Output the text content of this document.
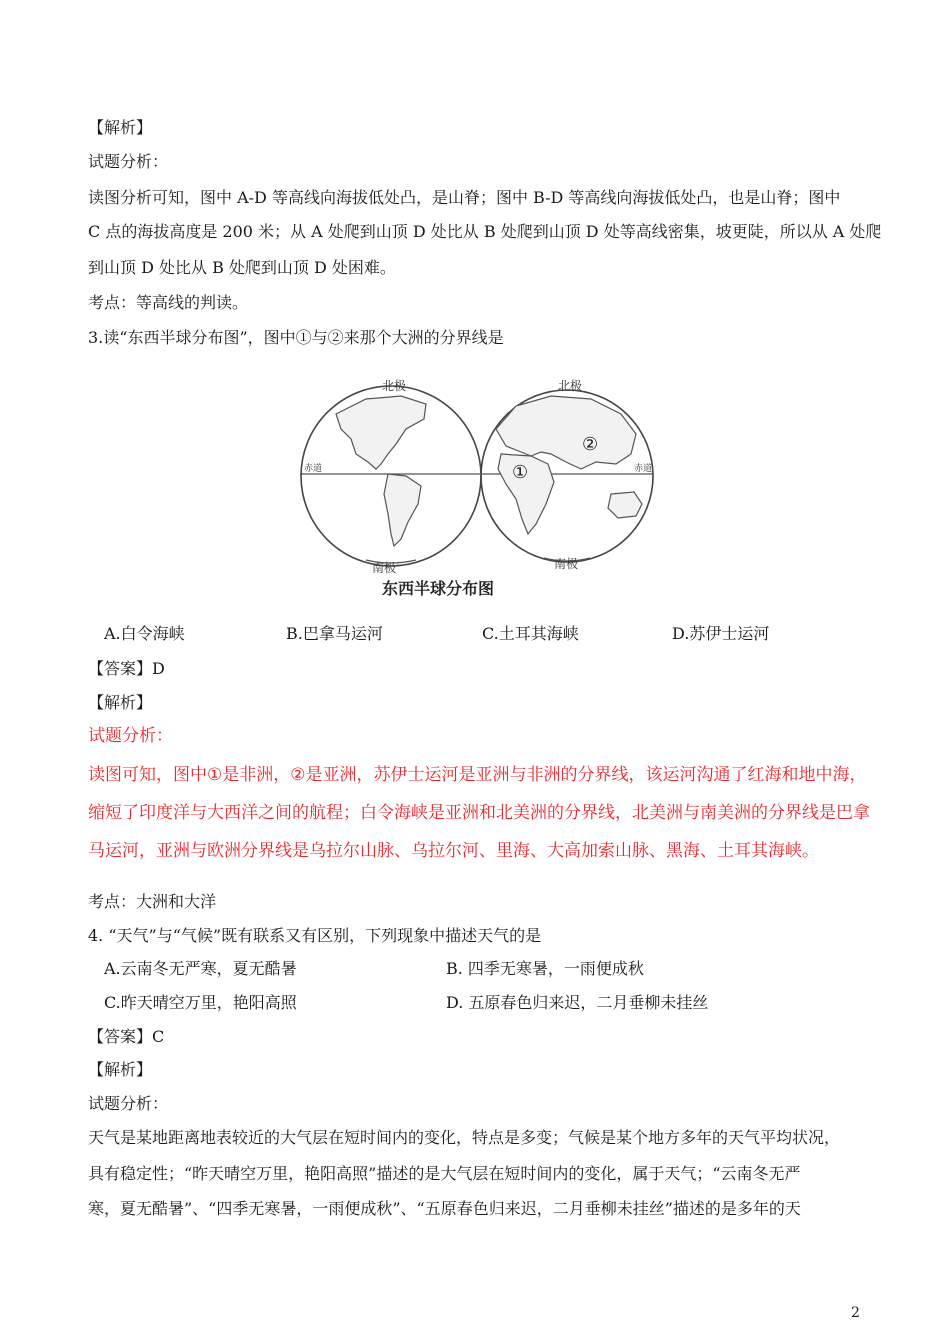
【解析】
试题分析：
读图分析可知，图中 A-D 等高线向海拔低处凸，是山脊；图中 B-D 等高线向海拔低处凸，也是山脊；图中
C 点的海拔高度是 200 米；从 A 处爬到山顶 D 处比从 B 处爬到山顶 D 处等高线密集，坡更陡，所以从 A 处爬
到山顶 D 处比从 B 处爬到山顶 D 处困难。
考点：等高线的判读。
3.读“东西半球分布图”，图中①与②来那个大洲的分界线是
北极	北极
南极	南极
赤道	赤道
①
②
东西半球分布图
A.白令海峡	B.巴拿马运河	C.土耳其海峡	D.苏伊士运河
【答案】D
【解析】
试题分析：
读图可知，图中①是非洲，②是亚洲，苏伊士运河是亚洲与非洲的分界线，该运河沟通了红海和地中海，
缩短了印度洋与大西洋之间的航程；白令海峡是亚洲和北美洲的分界线，北美洲与南美洲的分界线是巴拿
马运河，亚洲与欧洲分界线是乌拉尔山脉、乌拉尔河、里海、大高加索山脉、黑海、土耳其海峡。
考点：大洲和大洋
4. “天气”与“气候”既有联系又有区别，下列现象中描述天气的是
A.云南冬无严寒，夏无酷暑	B. 四季无寒暑，一雨便成秋
C.昨天晴空万里，艳阳高照	D. 五原春色归来迟，二月垂柳未挂丝
【答案】C
【解析】
试题分析：
天气是某地距离地表较近的大气层在短时间内的变化，特点是多变；气候是某个地方多年的天气平均状况，
具有稳定性；“昨天晴空万里，艳阳高照”描述的是大气层在短时间内的变化，属于天气；“云南冬无严
寒，夏无酷暑”、“四季无寒暑，一雨便成秋”、“五原春色归来迟，二月垂柳未挂丝”描述的是多年的天
2
